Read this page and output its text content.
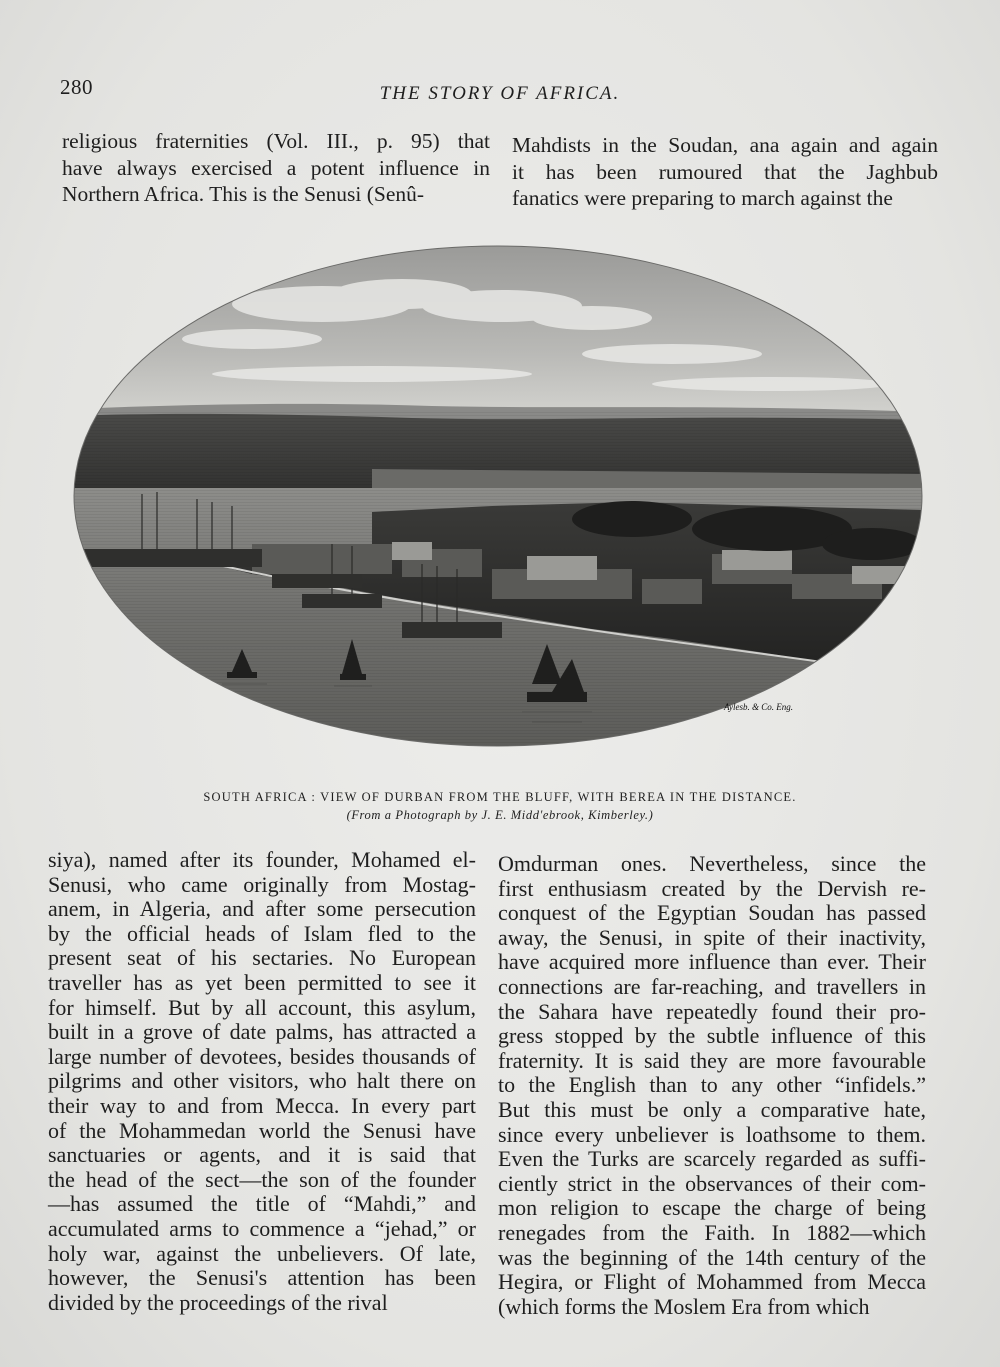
280	THE STORY OF AFRICA.
religious fraternities (Vol. III., p. 95) that
have always exercised a potent influence in
Northern Africa. This is the Senusi (Senû-
Mahdists in the Soudan, ana again and again
it has been rumoured that the Jaghbub
fanatics were preparing to march against the
Aylesb. & Co. Eng.
SOUTH AFRICA : VIEW OF DURBAN FROM THE BLUFF, WITH BEREA IN THE DISTANCE.
(From a Photograph by J. E. Midd'ebrook, Kimberley.)
siya), named after its founder, Mohamed el-
Senusi, who came originally from Mostag-
anem, in Algeria, and after some persecution
by the official heads of Islam fled to the
present seat of his sectaries. No European
traveller has as yet been permitted to see it
for himself. But by all account, this asylum,
built in a grove of date palms, has attracted a
large number of devotees, besides thousands of
pilgrims and other visitors, who halt there on
their way to and from Mecca. In every part
of the Mohammedan world the Senusi have
sanctuaries or agents, and it is said that
the head of the sect—the son of the founder
—has assumed the title of “Mahdi,” and
accumulated arms to commence a “jehad,” or
holy war, against the unbelievers. Of late,
however, the Senusi's attention has been
divided by the proceedings of the rival
Omdurman ones. Nevertheless, since the
first enthusiasm created by the Dervish re-
conquest of the Egyptian Soudan has passed
away, the Senusi, in spite of their inactivity,
have acquired more influence than ever. Their
connections are far-reaching, and travellers in
the Sahara have repeatedly found their pro-
gress stopped by the subtle influence of this
fraternity. It is said they are more favourable
to the English than to any other “infidels.”
But this must be only a comparative hate,
since every unbeliever is loathsome to them.
Even the Turks are scarcely regarded as suffi-
ciently strict in the observances of their com-
mon religion to escape the charge of being
renegades from the Faith. In 1882—which
was the beginning of the 14th century of the
Hegira, or Flight of Mohammed from Mecca
(which forms the Moslem Era from which
